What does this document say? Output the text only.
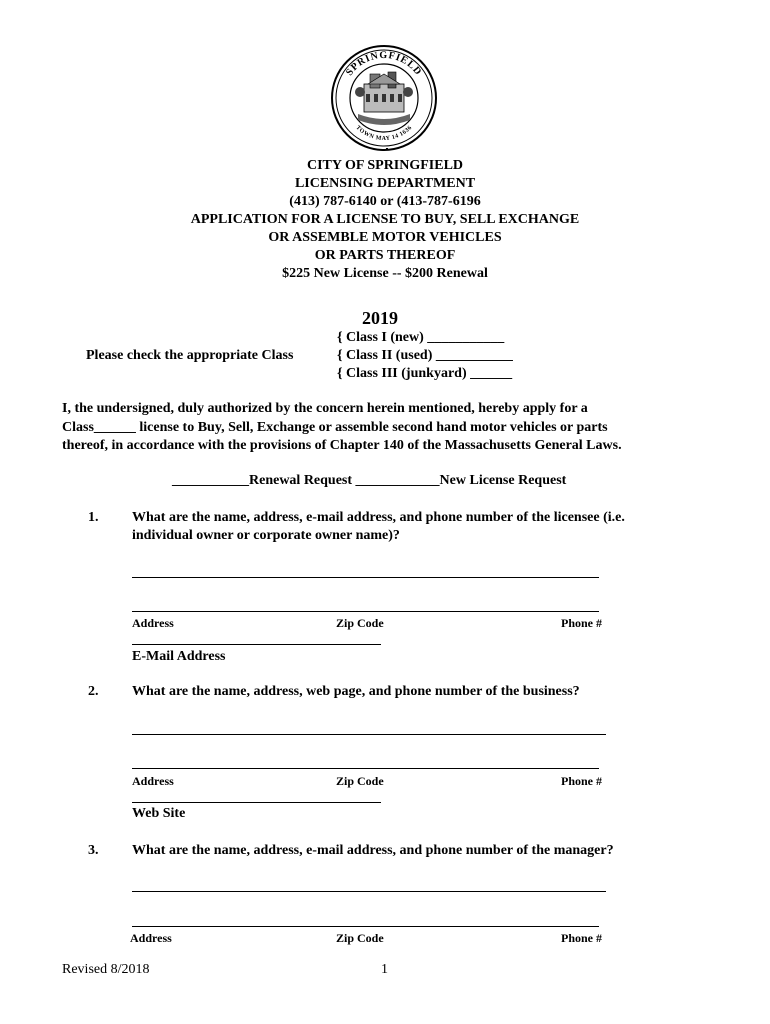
SPRINGFIELD
TOWN MAY 14 1636
CITY OF SPRINGFIELD
LICENSING DEPARTMENT
(413) 787-6140 or (413-787-6196
APPLICATION FOR A LICENSE TO BUY, SELL EXCHANGE
OR ASSEMBLE MOTOR VEHICLES
OR PARTS THEREOF
$225 New License -- $200 Renewal
2019
Please check the appropriate Class
{ Class I (new) ___________
{ Class II (used) ___________
{ Class III (junkyard) ______
I, the undersigned, duly authorized by the concern herein mentioned, hereby apply for a
Class______ license to Buy, Sell, Exchange or assemble second hand motor vehicles or parts
thereof, in accordance with the provisions of Chapter 140 of the Massachusetts General Laws.
___________Renewal Request ____________New License Request
1. What are the name, address, e-mail address, and phone number of the licensee (i.e.
individual owner or corporate owner name)?
Address	Zip Code	Phone #
E-Mail Address
2. What are the name, address, web page, and phone number of the business?
Address	Zip Code	Phone #
Web Site
3. What are the name, address, e-mail address, and phone number of the manager?
Address	Zip Code	Phone #
Revised 8/2018	1
